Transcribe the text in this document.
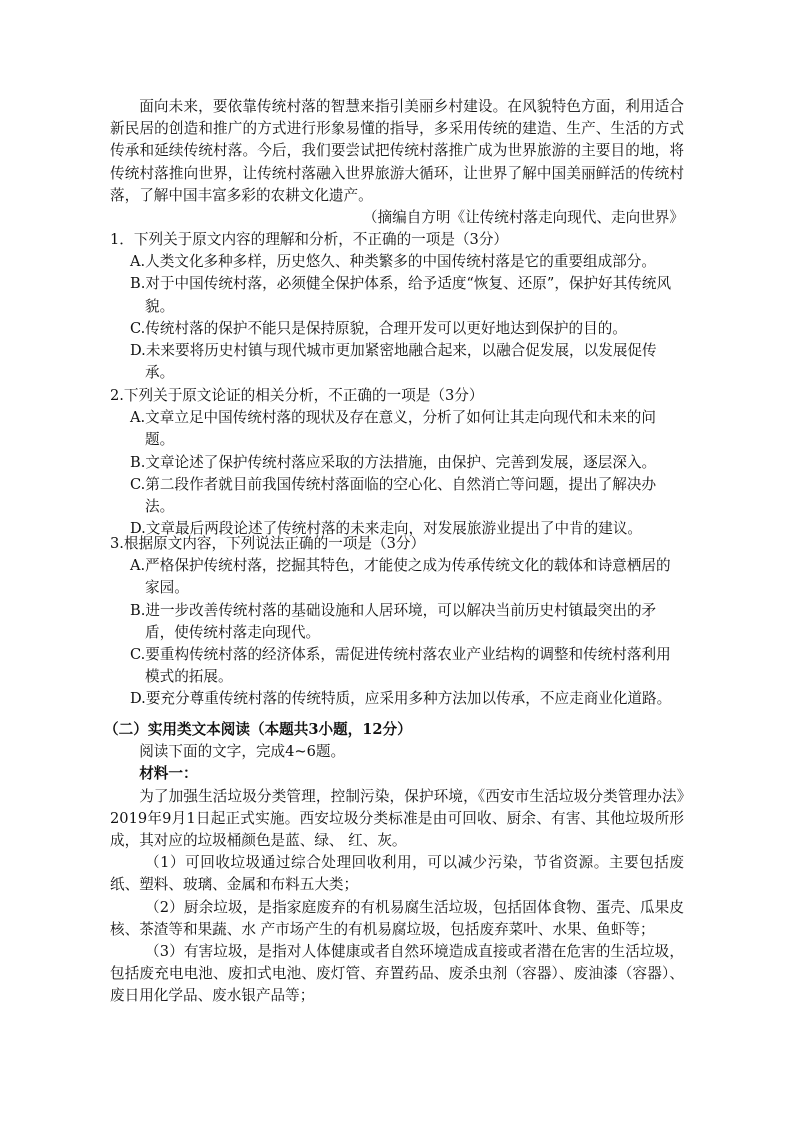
面向未来，要依靠传统村落的智慧来指引美丽乡村建设。在风貌特色方面，利用适合新民居的创造和推广的方式进行形象易懂的指导，多采用传统的建造、生产、生活的方式传承和延续传统村落。今后，我们要尝试把传统村落推广成为世界旅游的主要目的地，将传统村落推向世界，让传统村落融入世界旅游大循环，让世界了解中国美丽鲜活的传统村落，了解中国丰富多彩的农耕文化遗产。

（摘编自方明《让传统村落走向现代、走向世界》

1．下列关于原文内容的理解和分析，不正确的一项是（3分）

A.人类文化多种多样，历史悠久、种类繁多的中国传统村落是它的重要组成部分。

B.对于中国传统村落，必须健全保护体系，给予适度“恢复、还原”，保护好其传统风貌。

C.传统村落的保护不能只是保持原貌，合理开发可以更好地达到保护的目的。

D.未来要将历史村镇与现代城市更加紧密地融合起来，以融合促发展，以发展促传承。

2.下列关于原文论证的相关分析，不正确的一项是（3分）

A.文章立足中国传统村落的现状及存在意义，分析了如何让其走向现代和未来的问题。

B.文章论述了保护传统村落应采取的方法措施，由保护、完善到发展，逐层深入。

C.第二段作者就目前我国传统村落面临的空心化、自然消亡等问题，提出了解决办法。

D.文章最后两段论述了传统村落的未来走向，对发展旅游业提出了中肯的建议。

3.根据原文内容，下列说法正确的一项是（3分）

A.严格保护传统村落，挖掘其特色，才能使之成为传承传统文化的载体和诗意栖居的家园。

B.进一步改善传统村落的基础设施和人居环境，可以解决当前历史村镇最突出的矛盾，使传统村落走向现代。

C.要重构传统村落的经济体系，需促进传统村落农业产业结构的调整和传统村落利用模式的拓展。

D.要充分尊重传统村落的传统特质，应采用多种方法加以传承，不应走商业化道路。

（二）实用类文本阅读（本题共3小题，12分）

阅读下面的文字，完成4~6题。

材料一：

为了加强生活垃圾分类管理，控制污染，保护环境，《西安市生活垃圾分类管理办法》2019年9月1日起正式实施。西安垃圾分类标准是由可回收、厨余、有害、其他垃圾所形成，其对应的垃圾桶颜色是蓝、绿、 红、灰。

（1）可回收垃圾通过综合处理回收利用，可以减少污染，节省资源。主要包括废纸、塑料、玻璃、金属和布料五大类；

（2）厨余垃圾，是指家庭废弃的有机易腐生活垃圾，包括固体食物、蛋壳、瓜果皮核、茶渣等和果蔬、水 产市场产生的有机易腐垃圾，包括废弃菜叶、水果、鱼虾等；

（3）有害垃圾，是指对人体健康或者自然环境造成直接或者潜在危害的生活垃圾，包括废充电电池、废扣式电池、废灯管、弃置药品、废杀虫剂（容器）、废油漆（容器）、废日用化学品、废水银产品等；
